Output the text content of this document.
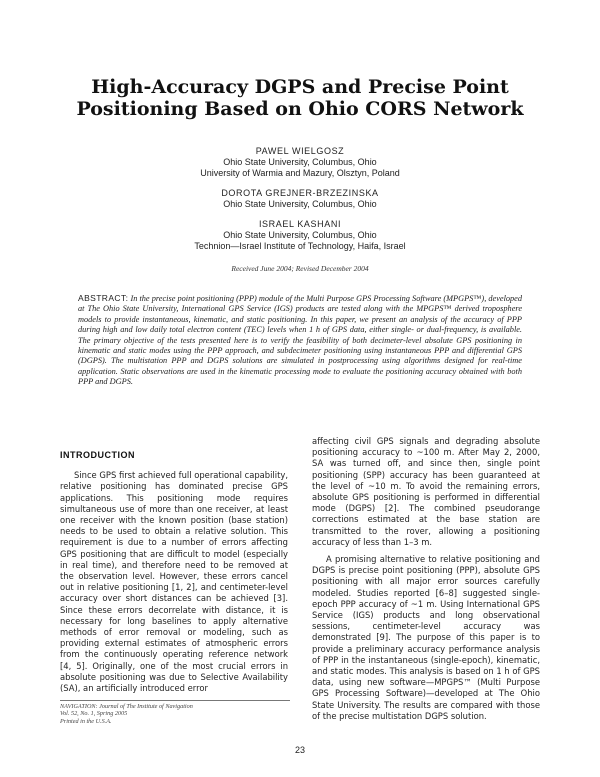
High-Accuracy DGPS and Precise Point
Positioning Based on Ohio CORS Network
PAWEL WIELGOSZ
Ohio State University, Columbus, Ohio
University of Warmia and Mazury, Olsztyn, Poland
DOROTA GREJNER-BRZEZINSKA
Ohio State University, Columbus, Ohio
ISRAEL KASHANI
Ohio State University, Columbus, Ohio
Technion—Israel Institute of Technology, Haifa, Israel
Received June 2004; Revised December 2004
ABSTRACT: In the precise point positioning (PPP) module of the Multi Purpose GPS Processing Software (MPGPS™), developed at The Ohio State University, International GPS Service (IGS) products are tested along with the MPGPS™ derived troposphere models to provide instantaneous, kinematic, and static positioning. In this paper, we present an analysis of the accuracy of PPP during high and low daily total electron content (TEC) levels when 1 h of GPS data, either single- or dual-frequency, is available. The primary objective of the tests presented here is to verify the feasibility of both decimeter-level absolute GPS positioning in kinematic and static modes using the PPP approach, and subdecimeter positioning using instantaneous PPP and differential GPS (DGPS). The multistation PPP and DGPS solutions are simulated in postprocessing using algorithms designed for real-time application. Static observations are used in the kinematic processing mode to evaluate the positioning accuracy obtained with both PPP and DGPS.
INTRODUCTION

Since GPS first achieved full operational capability, relative positioning has dominated precise GPS applications. This positioning mode requires simultaneous use of more than one receiver, at least one receiver with the known position (base station) needs to be used to obtain a relative solution. This requirement is due to a number of errors affecting GPS positioning that are difficult to model (especially in real time), and therefore need to be removed at the observation level. However, these errors cancel out in relative positioning [1, 2], and centimeter-level accuracy over short distances can be achieved [3]. Since these errors decorrelate with distance, it is necessary for long baselines to apply alternative methods of error removal or modeling, such as providing external estimates of atmospheric errors from the continuously operating reference network [4, 5]. Originally, one of the most crucial errors in absolute positioning was due to Selective Availability (SA), an artificially introduced error

affecting civil GPS signals and degrading absolute positioning accuracy to ~100 m. After May 2, 2000, SA was turned off, and since then, single point positioning (SPP) accuracy has been guaranteed at the level of ~10 m. To avoid the remaining errors, absolute GPS positioning is performed in differential mode (DGPS) [2]. The combined pseudorange corrections estimated at the base station are transmitted to the rover, allowing a positioning accuracy of less than 1–3 m.

A promising alternative to relative positioning and DGPS is precise point positioning (PPP), absolute GPS positioning with all major error sources carefully modeled. Studies reported [6–8] suggested single-epoch PPP accuracy of ~1 m. Using International GPS Service (IGS) products and long observational sessions, centimeter-level accuracy was demonstrated [9]. The purpose of this paper is to provide a preliminary accuracy performance analysis of PPP in the instantaneous (single-epoch), kinematic, and static modes. This analysis is based on 1 h of GPS data, using new software—MPGPS™ (Multi Purpose GPS Processing Software)—developed at The Ohio State University. The results are compared with those of the precise multistation DGPS solution.

NAVIGATION: Journal of The Institute of Navigation
Vol. 52, No. 1, Spring 2005
Printed in the U.S.A.
23
